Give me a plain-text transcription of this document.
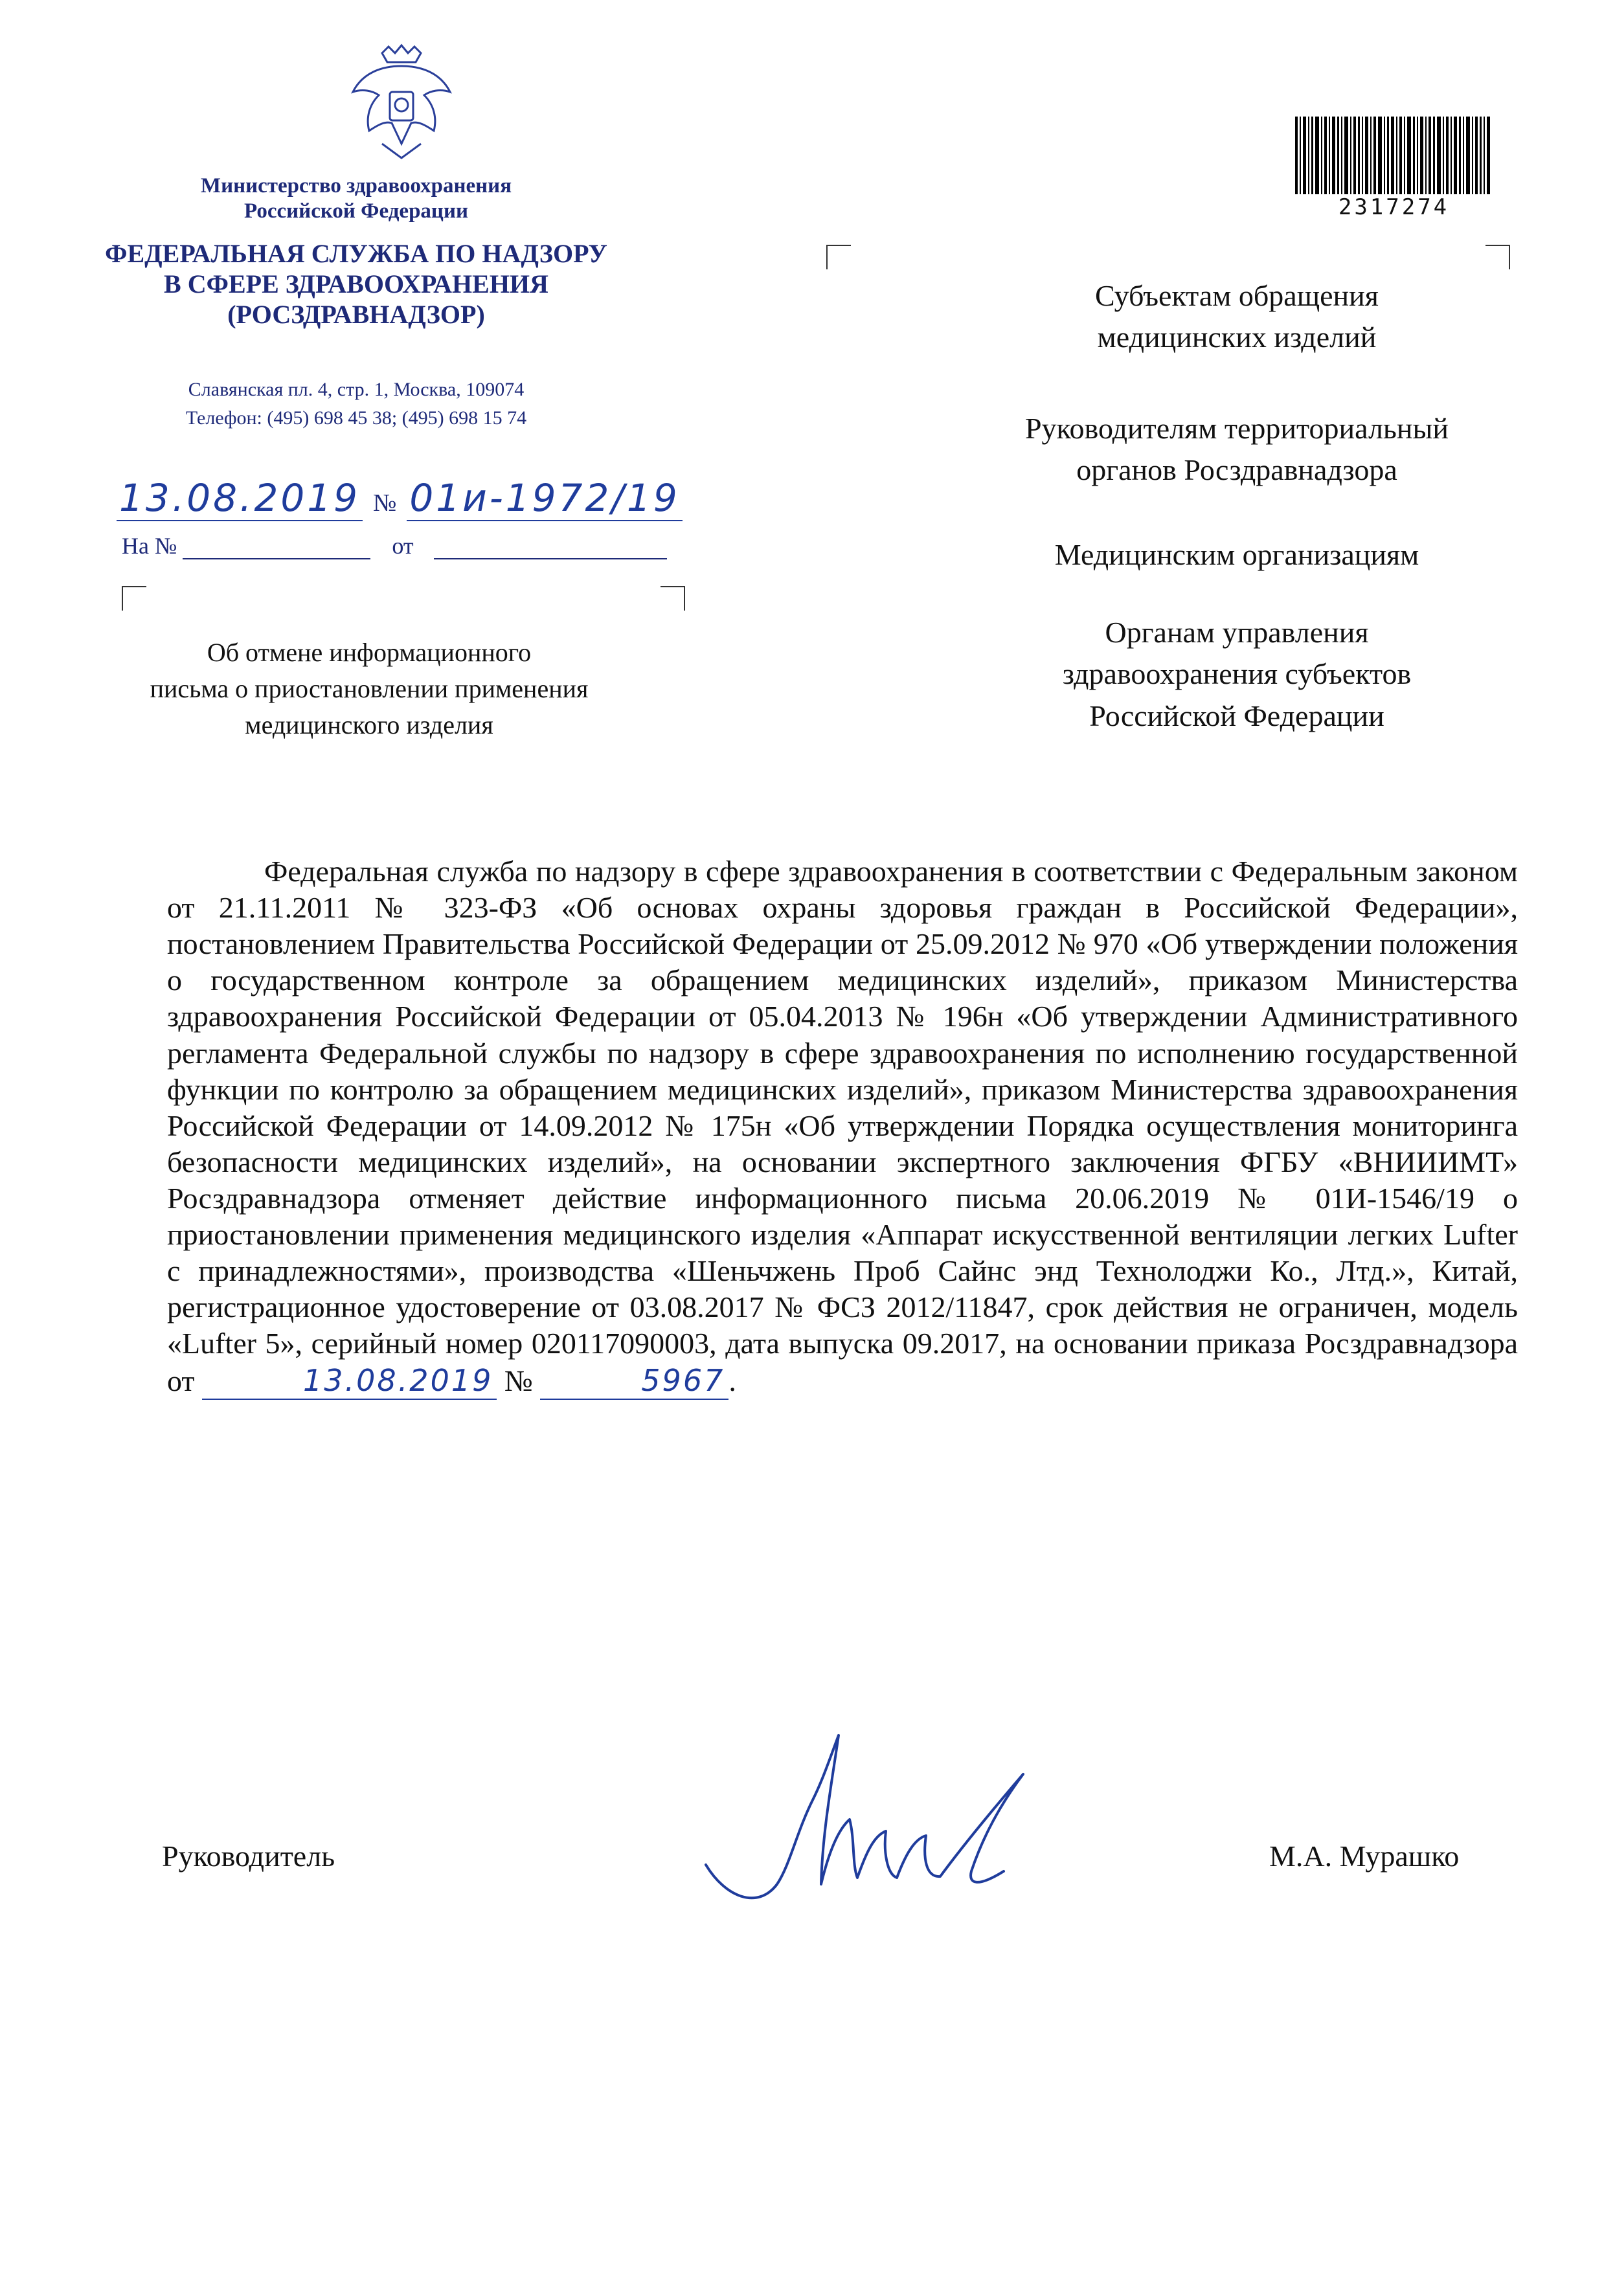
Министерство здравоохранения
Российской Федерации
ФЕДЕРАЛЬНАЯ СЛУЖБА ПО НАДЗОРУ
В СФЕРЕ ЗДРАВООХРАНЕНИЯ
(РОСЗДРАВНАДЗОР)
Славянская пл. 4, стр. 1, Москва, 109074
Телефон: (495) 698 45 38; (495) 698 15 74
13.08.2019 № 01и-1972/19
На №	от
Об отмене информационного
письма о приостановлении применения
медицинского изделия
2317274
Субъектам обращения
медицинских изделий
Руководителям территориальный
органов Росздравнадзора
Медицинским организациям
Органам управления
здравоохранения субъектов
Российской Федерации

Федеральная служба по надзору в сфере здравоохранения в соответствии с Федеральным законом от 21.11.2011 № 323-ФЗ «Об основах охраны здоровья граждан в Российской Федерации», постановлением Правительства Российской Федерации от 25.09.2012 № 970 «Об утверждении положения о государственном контроле за обращением медицинских изделий», приказом Министерства здравоохранения Российской Федерации от 05.04.2013 № 196н «Об утверждении Административного регламента Федеральной службы по надзору в сфере здравоохранения по исполнению государственной функции по контролю за обращением медицинских изделий», приказом Министерства здравоохранения Российской Федерации от 14.09.2012 № 175н «Об утверждении Порядка осуществления мониторинга безопасности медицинских изделий», на основании экспертного заключения ФГБУ «ВНИИИМТ» Росздравнадзора отменяет действие информационного письма 20.06.2019 № 01И-1546/19 о приостановлении применения медицинского изделия «Аппарат искусственной вентиляции легких Lufter с принадлежностями», производства «Шеньчжень Проб Сайнс энд Технолоджи Ко., Лтд.», Китай, регистрационное удостоверение от 03.08.2017 № ФСЗ 2012/11847, срок действия не ограничен, модель «Lufter 5», серийный номер 020117090003, дата выпуска 09.2017, на основании приказа Росздравнадзора от	13.08.2019 №	5967 .

Руководитель	М.А. Мурашко
